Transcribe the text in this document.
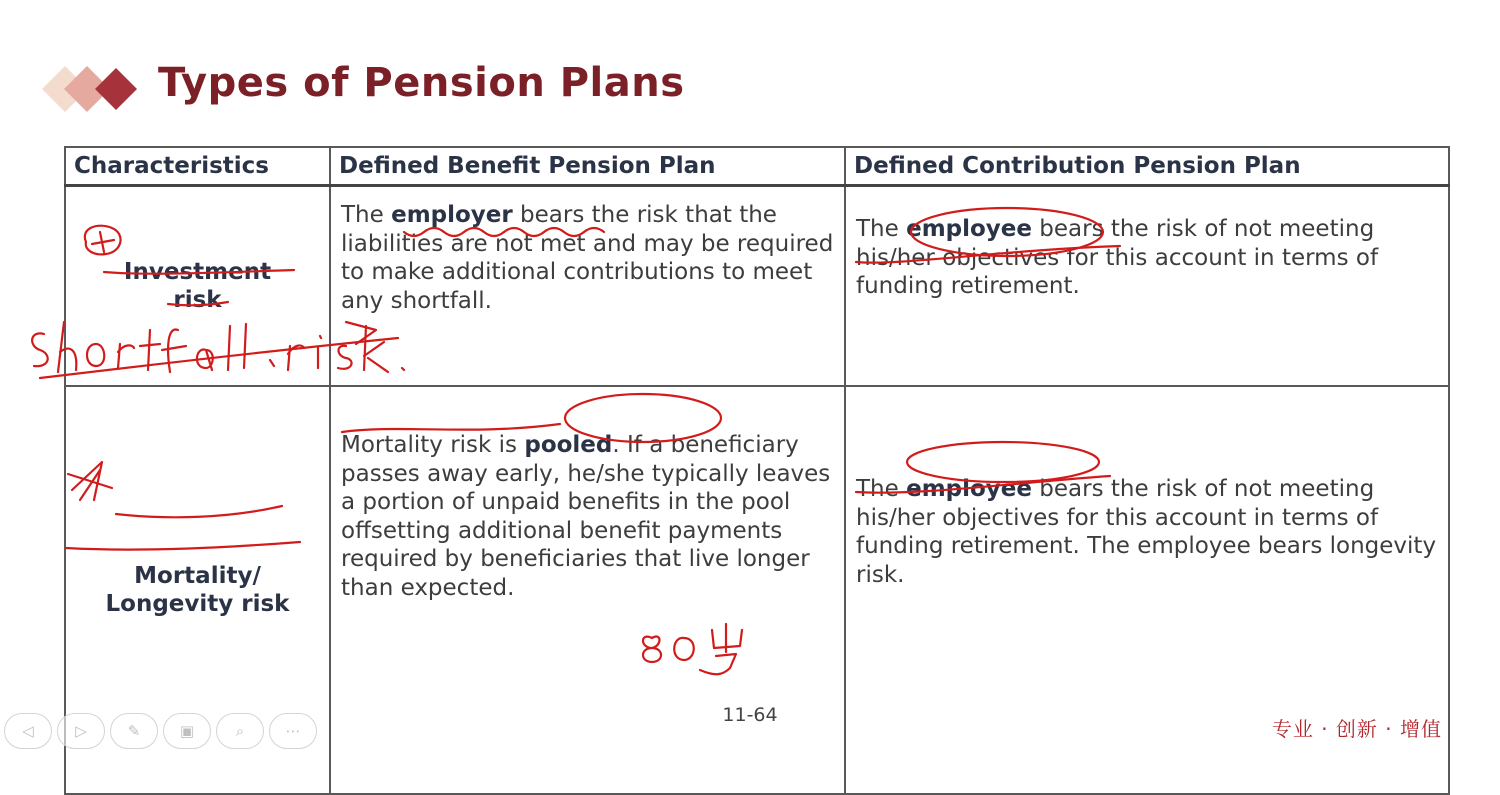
Types of Pension Plans
Characteristics	Defined Benefit Pension Plan	Defined Contribution Pension Plan
Investment risk	The employer bears the risk that the liabilities are not met and may be required to make additional contributions to meet any shortfall.	The employee bears the risk of not meeting his/her objectives for this account in terms of funding retirement.

Mortality/ Longevity risk	Mortality risk is pooled. If a beneficiary passes away early, he/she typically leaves a portion of unpaid benefits in the pool offsetting additional benefit payments required by beneficiaries that live longer than expected.	The employee bears the risk of not meeting his/her objectives for this account in terms of funding retirement. The employee bears longevity risk.
11-64
专业 · 创新 · 增值
◁	▷	✎	▣	⌕	⋯
